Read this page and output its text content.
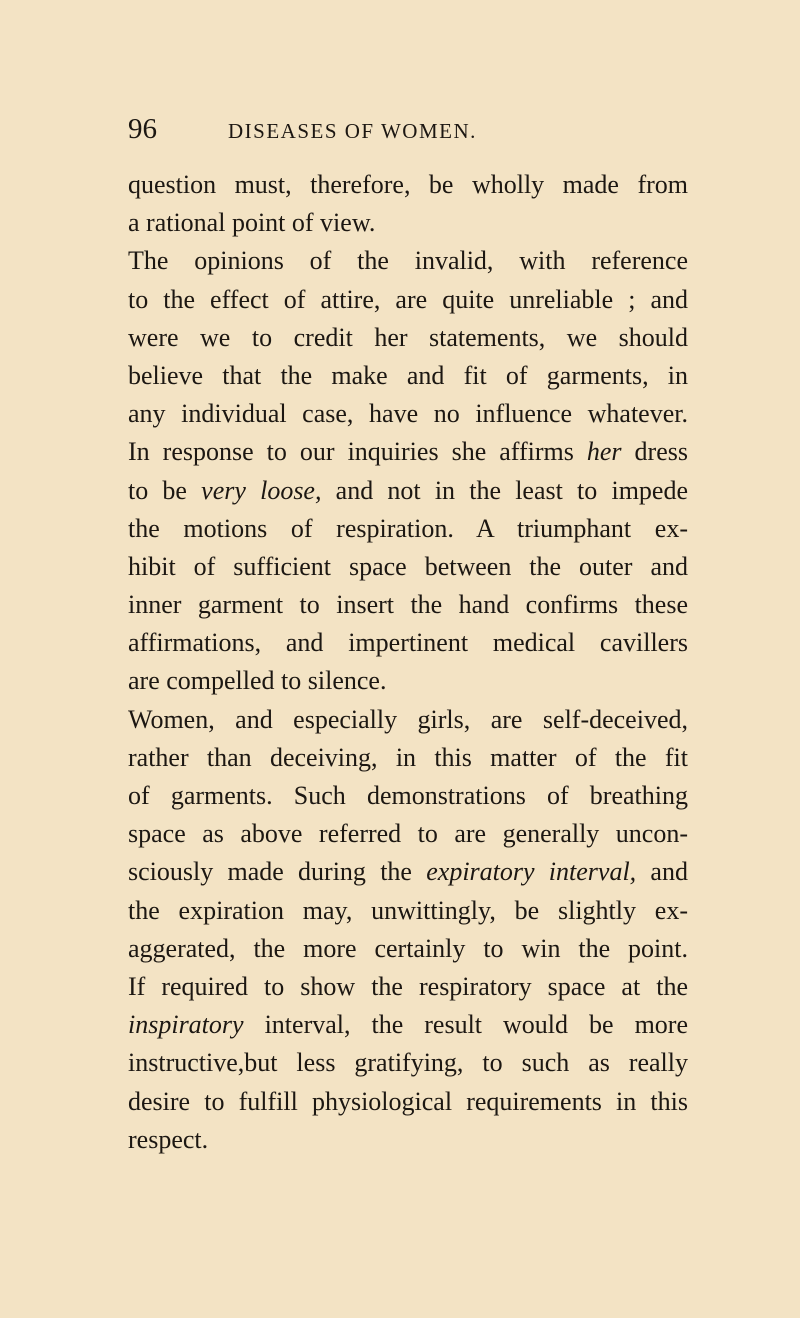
96	DISEASES OF WOMEN.
question must, therefore, be wholly made from
a rational point of view.
The opinions of the invalid, with reference
to the effect of attire, are quite unreliable ; and
were we to credit her statements, we should
believe that the make and fit of garments, in
any individual case, have no influence whatever.
In response to our inquiries she affirms her dress
to be very loose, and not in the least to impede
the motions of respiration. A triumphant ex-
hibit of sufficient space between the outer and
inner garment to insert the hand confirms these
affirmations, and impertinent medical cavillers
are compelled to silence.
Women, and especially girls, are self-deceived,
rather than deceiving, in this matter of the fit
of garments. Such demonstrations of breathing
space as above referred to are generally uncon-
sciously made during the expiratory interval, and
the expiration may, unwittingly, be slightly ex-
aggerated, the more certainly to win the point.
If required to show the respiratory space at the
inspiratory interval, the result would be more
instructive,but less gratifying, to such as really
desire to fulfill physiological requirements in this
respect.
